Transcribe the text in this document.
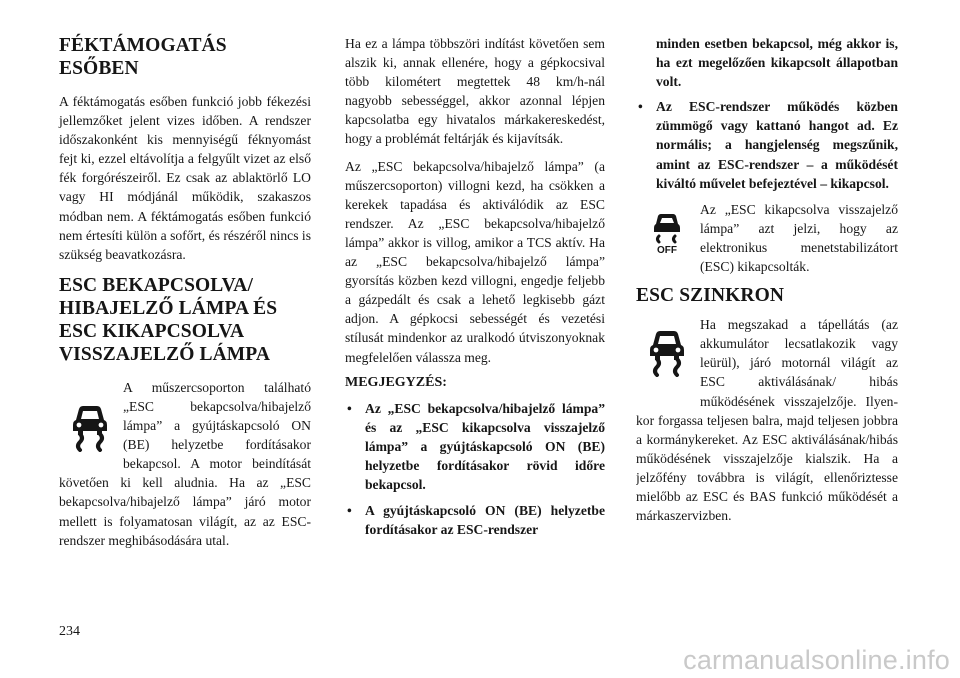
FÉKTÁMOGATÁS ESŐBEN

A féktámogatás esőben funkció jobb fékezési jellemzőket jelent vizes időben. A rendszer időszakonként kis mennyiségű féknyomást fejt ki, ezzel eltávolítja a felgyűlt vizet az első fék forgórészeiről. Ez csak az ablaktörlő LO vagy HI módjánál működik, szakaszos módban nem. A féktámogatás esőben funkció nem értesíti külön a sofőrt, és részéről nincs is szükség beavatkozásra.

ESC BEKAPCSOLVA/ HIBAJELZŐ LÁMPA ÉS ESC KIKAPCSOLVA VISSZAJELZŐ LÁMPA

A műszercsoporton található „ESC bekapcsolva/hibajelző lámpa” a gyújtáskapcsoló ON (BE) helyzetbe fordításakor bekapcsol. A motor beindítását követően ki kell aludnia. Ha az „ESC bekapcsolva/hibajelző lámpa” járó motor mellett is folyamatosan világít, az az ESC-rendszer meghibásodására utal.

Ha ez a lámpa többszöri indítást követően sem alszik ki, annak ellenére, hogy a gépkocsival több kilométert megtettek 48 km/h-nál nagyobb sebességgel, akkor azonnal lépjen kapcsolatba egy hivatalos márkakereskedést, hogy a problémát feltárják és kijavítsák.

Az „ESC bekapcsolva/hibajelző lámpa” (a műszercsoporton) villogni kezd, ha csökken a kerekek tapadása és aktiválódik az ESC rendszer. Az „ESC bekapcsolva/hibajelző lámpa” akkor is villog, amikor a TCS aktív. Ha az „ESC bekapcsolva/hibajelző lámpa” gyorsítás közben kezd villogni, engedje feljebb a gázpedált és csak a lehető legkisebb gázt adjon. A gépkocsi sebességét és vezetési stílusát mindenkor az uralkodó útviszonyoknak megfelelően válassza meg.

MEGJEGYZÉS:
• Az „ESC bekapcsolva/hibajelző lámpa” és az „ESC kikapcsolva visszajelző lámpa” a gyújtáskapcsoló ON (BE) helyzetbe fordításakor rövid időre bekapcsol.
• A gyújtáskapcsoló ON (BE) helyzetbe fordításakor az ESC-rendszer
minden esetben bekapcsol, még akkor is, ha ezt megelőzően kikapcsolt állapotban volt.
• Az ESC-rendszer működés közben zümmögő vagy kattanó hangot ad. Ez normális; a hangjelenség megszűnik, amint az ESC-rendszer – a működését kiváltó művelet befejeztével – kikapcsol.
OFF

Az „ESC kikapcsolva visszajelző lámpa” azt jelzi, hogy az elektronikus menetstabilizátort (ESC) kikapcsolták.

ESC SZINKRON

Ha megszakad a tápellátás (az akkumulátor lecsatlakozik vagy leürül), járó motornál világít az ESC aktiválásának/ hibás működésének visszajelzője. Ilyenkor forgassa teljesen balra, majd teljesen jobbra a kormánykereket. Az ESC aktiválásának/hibás működésének visszajelzője kialszik. Ha a jelzőfény továbbra is világít, ellenőriztesse mielőbb az ESC és BAS funkció működését a márkaszervizben.

234
carmanualsonline.info
